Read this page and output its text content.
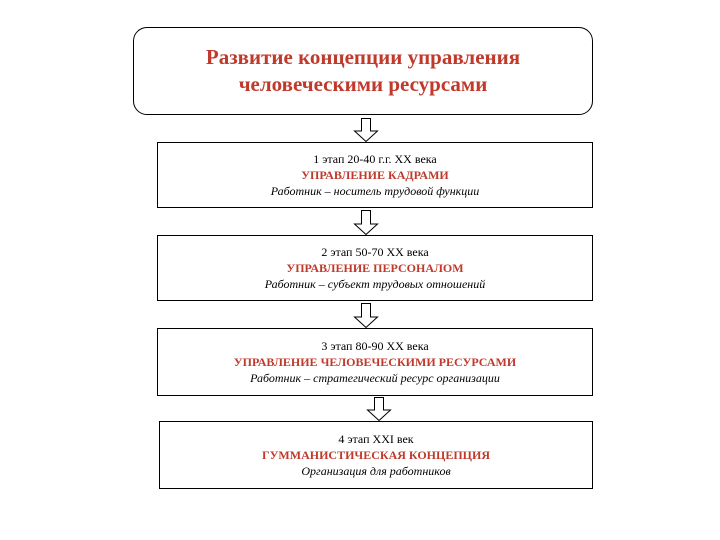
Развитие концепции управления
человеческими ресурсами
1 этап 20-40 г.г. XX века
УПРАВЛЕНИЕ КАДРАМИ
Работник – носитель трудовой функции
2 этап 50-70 XX века
УПРАВЛЕНИЕ ПЕРСОНАЛОМ
Работник – субъект трудовых отношений
3 этап 80-90 XX века
УПРАВЛЕНИЕ ЧЕЛОВЕЧЕСКИМИ РЕСУРСАМИ
Работник – стратегический ресурс организации
4 этап XXI век
ГУММАНИСТИЧЕСКАЯ КОНЦЕПЦИЯ
Организация для работников
